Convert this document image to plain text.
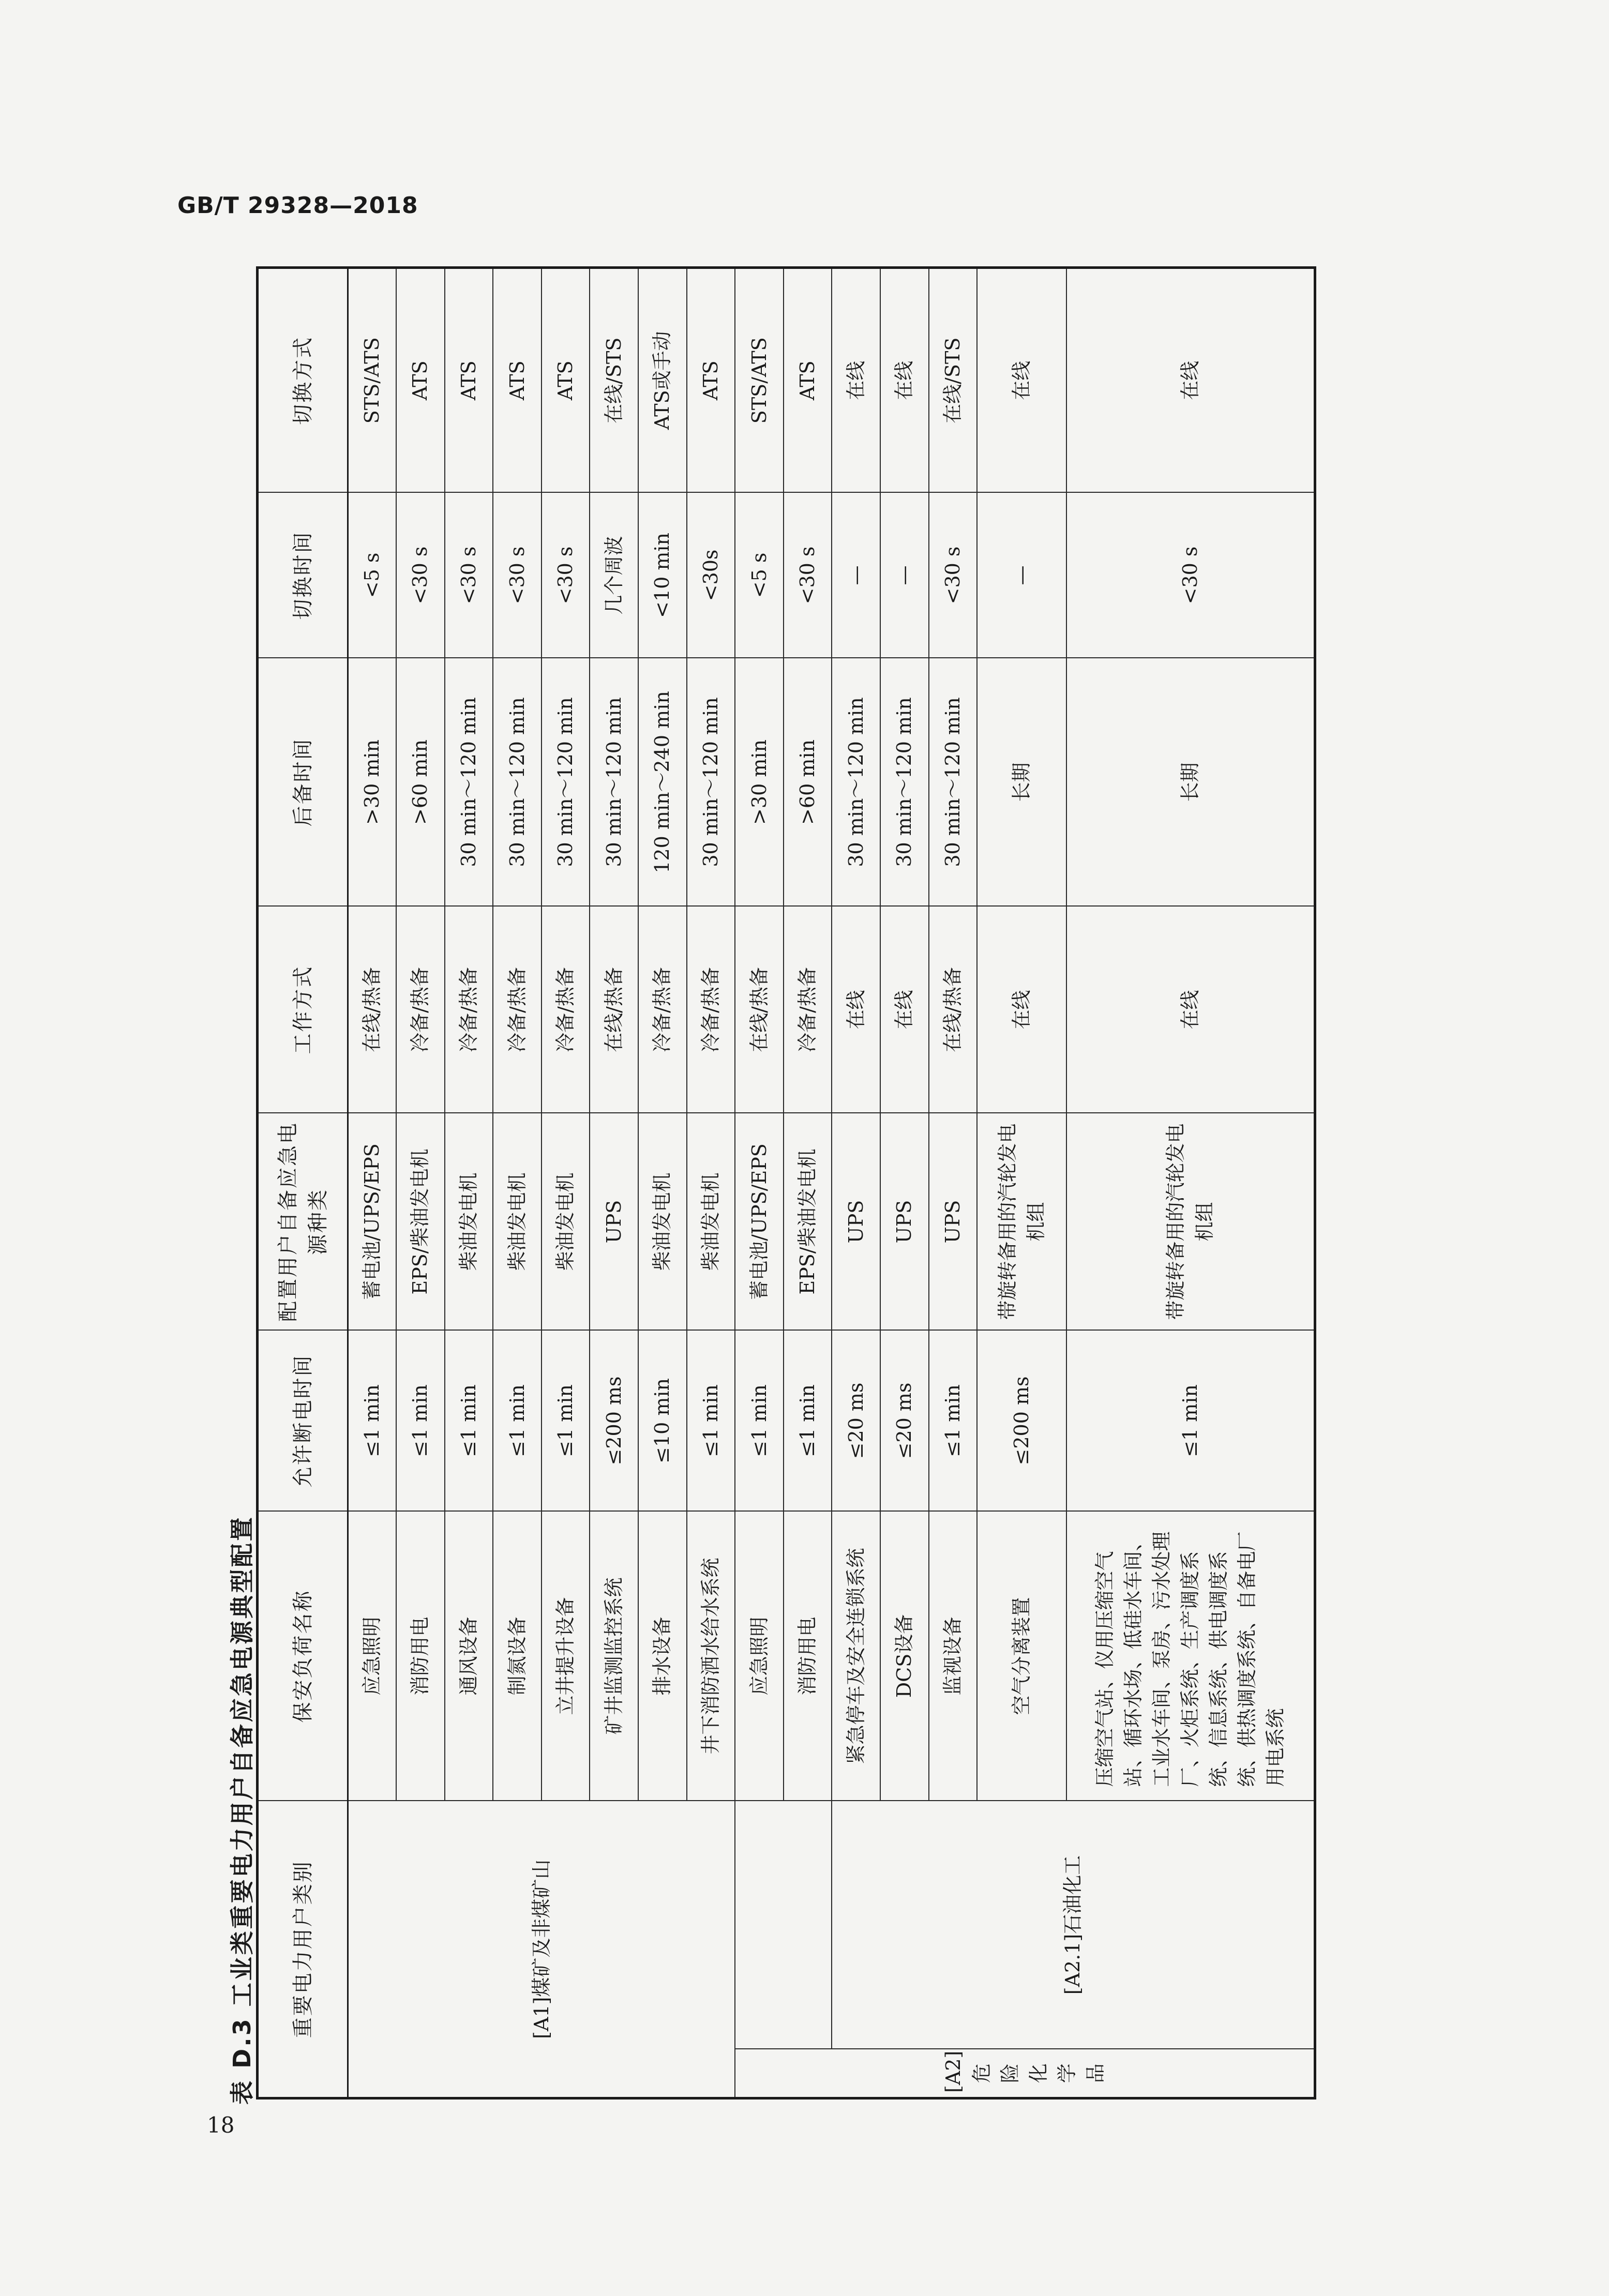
GB/T 29328—2018
表 D.3 工业类重要电力用户自备应急电源典型配置
18
重要电力用户类别		保安负荷名称	允许断电时间	配置用户自备应急电源种类	工作方式	后备时间	切换时间	切换方式
[A1]煤矿及非煤矿山		应急照明	≤1 min	蓄电池/UPS/EPS	在线/热备	>30 min	<5 s	STS/ATS
		消防用电	≤1 min	EPS/柴油发电机	冷备/热备	>60 min	<30 s	ATS
		通风设备	≤1 min	柴油发电机	冷备/热备	30 min～120 min	<30 s	ATS
		制氮设备	≤1 min	柴油发电机	冷备/热备	30 min～120 min	<30 s	ATS
		立井提升设备	≤1 min	柴油发电机	冷备/热备	30 min～120 min	<30 s	ATS
		矿井监测监控系统	≤200 ms	UPS	在线/热备	30 min～120 min	几个周波	在线/STS
		排水设备	≤10 min	柴油发电机	冷备/热备	120 min～240 min	<10 min	ATS或手动
		井下消防洒水给水系统	≤1 min	柴油发电机	冷备/热备	30 min～120 min	<30s	ATS
[A2]危险化学品		应急照明	≤1 min	蓄电池/UPS/EPS	在线/热备	>30 min	<5 s	STS/ATS
		消防用电	≤1 min	EPS/柴油发电机	冷备/热备	>60 min	<30 s	ATS
	[A2.1]石油化工	紧急停车及安全连锁系统	≤20 ms	UPS	在线	30 min～120 min	—	在线
		DCS设备	≤20 ms	UPS	在线	30 min～120 min	—	在线
		监视设备	≤1 min	UPS	在线/热备	30 min～120 min	<30 s	在线/STS
		空气分离装置	≤200 ms	带旋转备用的汽轮发电机组	在线	长期	—	在线
		压缩空气站、仪用压缩空气站、循环水场、低硅水车间、工业水车间、泵房、污水处理厂、火炬系统、生产调度系统、信息系统、供电调度系统、供热调度系统、自备电厂用电系统	≤1 min	带旋转备用的汽轮发电机组	在线	长期	<30 s	在线
